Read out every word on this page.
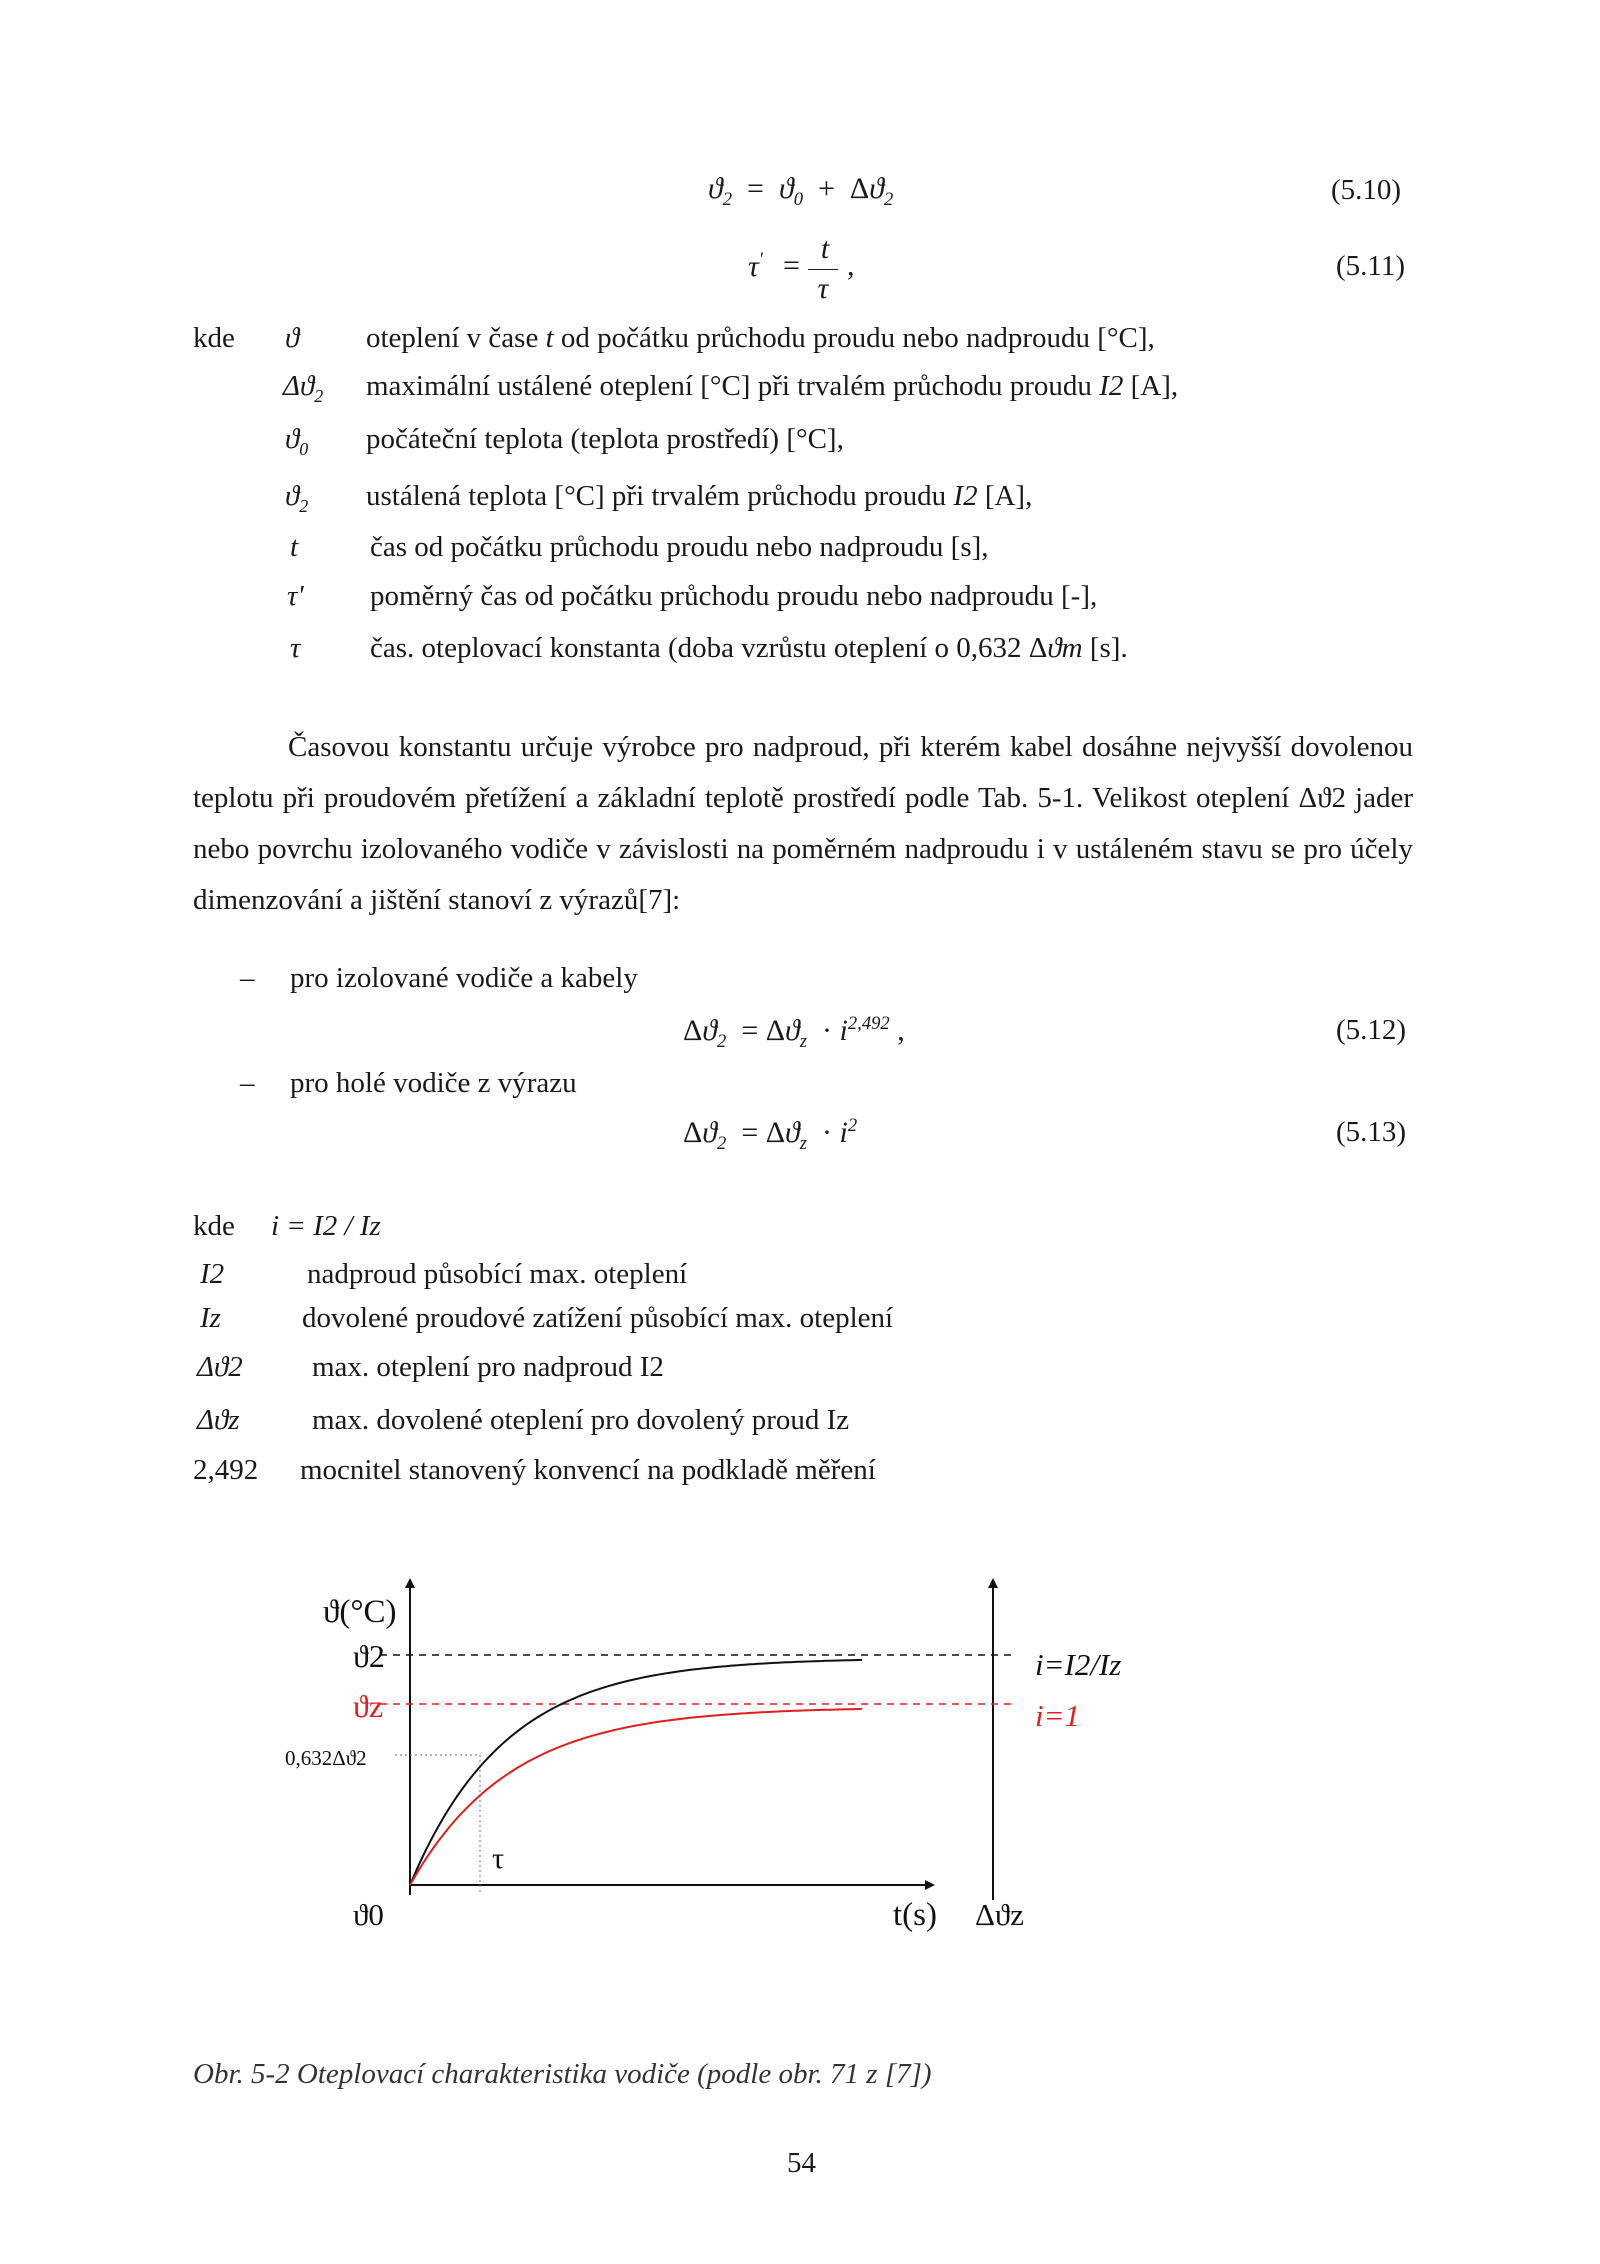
$ϑ_2 = ϑ_0 + \Delta ϑ_2$	(5.10)
τ' =
t
τ
,	(5.11)
kde ϑ oteplení v čase t od počátku průchodu proudu nebo nadproudu [°C],
$\Delta ϑ_2$ maximální ustálené oteplení [°C] při trvalém průchodu proudu I2 [A],
$ϑ_0$ počáteční teplota (teplota prostředí) [°C],
$ϑ_2$ ustálená teplota [°C] při trvalém průchodu proudu I2 [A],
t čas od počátku průchodu proudu nebo nadproudu [s],
τ' poměrný čas od počátku průchodu proudu nebo nadproudu [-],
τ čas. oteplovací konstanta (doba vzrůstu oteplení o 0,632 Δϑm [s].

Časovou konstantu určuje výrobce pro nadproud, při kterém kabel dosáhne nejvyšší dovolenou teplotu při proudovém přetížení a základní teplotě prostředí podle Tab. 5-1. Velikost oteplení Δϑ2 jader nebo povrchu izolovaného vodiče v závislosti na poměrném nadproudu i v ustáleném stavu se pro účely dimenzování a jištění stanoví z výrazů[7]:

– pro izolované vodiče a kabely
$\Delta ϑ_2 = \Delta ϑ_z \cdot i^{2,492}$ ,	(5.12)
– pro holé vodiče z výrazu
$\Delta ϑ_2 = \Delta ϑ_z \cdot i^2$	(5.13)
kde i = I2 / Iz
I2	nadproud působící max. oteplení
Iz	dovolené proudové zatížení působící max. oteplení
Δϑ2 max. oteplení pro nadproud I2
Δϑz max. dovolené oteplení pro dovolený proud Iz
2,492 mocnitel stanovený konvencí na podkladě měření
ϑ(°C)
ϑ2
ϑz
0,632Δϑ2
τ
ϑ0	t(s) Δϑz
i=I2/Iz
i=1
Obr. 5-2 Oteplovací charakteristika vodiče (podle obr. 71 z [7])
54
